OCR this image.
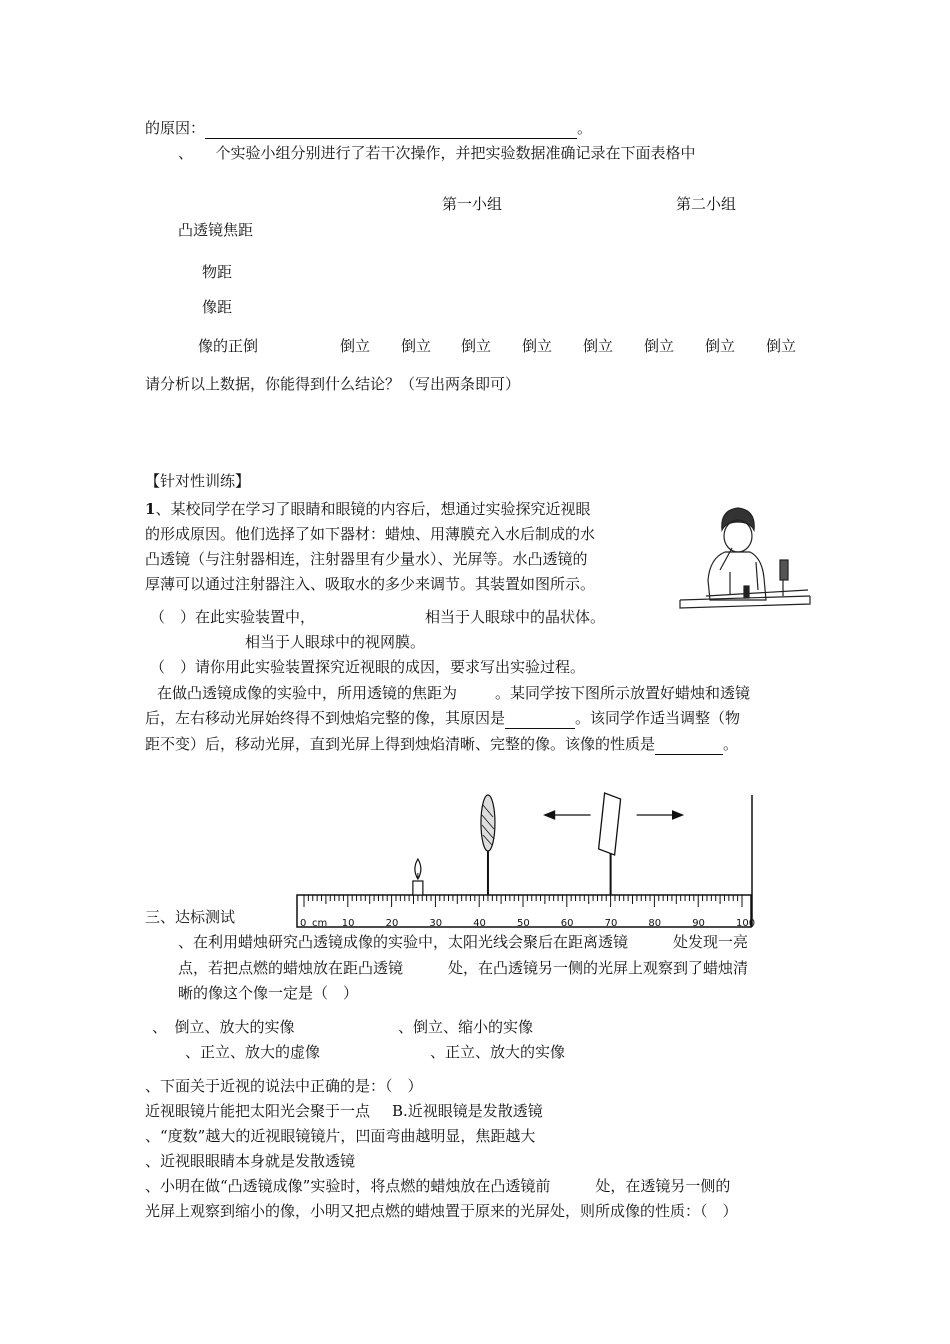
的原因：	。
、　　个实验小组分别进行了若干次操作，并把实验数据准确记录在下面表格中
第一小组	第二小组
凸透镜焦距
物距
像距
像的正倒	倒立 倒立 倒立 倒立 倒立 倒立 倒立 倒立
请分析以上数据，你能得到什么结论？（写出两条即可）
【针对性训练】
1、某校同学在学习了眼睛和眼镜的内容后，想通过实验探究近视眼
的形成原因。他们选择了如下器材：蜡烛、用薄膜充入水后制成的水
凸透镜（与注射器相连，注射器里有少量水）、光屏等。水凸透镜的
厚薄可以通过注射器注入、吸取水的多少来调节。其装置如图所示。
（　）在此实验装置中，	相当于人眼球中的晶状体。
相当于人眼球中的视网膜。
（　）请你用此实验装置探究近视眼的成因，要求写出实验过程。
在做凸透镜成像的实验中，所用透镜的焦距为	。某同学按下图所示放置好蜡烛和透镜
后，左右移动光屏始终得不到烛焰完整的像，其原因是	。该同学作适当调整（物
距不变）后，移动光屏，直到光屏上得到烛焰清晰、完整的像。该像的性质是	。
0	10	20	30	40	50	60	70	80	90	100
cm
三、达标测试
、在利用蜡烛研究凸透镜成像的实验中，太阳光线会聚后在距离透镜　　　处发现一亮
点，若把点燃的蜡烛放在距凸透镜　　　处，在凸透镜另一侧的光屏上观察到了蜡烛清
晰的像这个像一定是（　）
、　倒立、放大的实像	、倒立、缩小的实像
、正立、放大的虚像	、正立、放大的实像
、下面关于近视的说法中正确的是：（　）
近视眼镜片能把太阳光会聚于一点 B.近视眼镜是发散透镜
、“度数”越大的近视眼镜镜片，凹面弯曲越明显，焦距越大
、近视眼眼睛本身就是发散透镜
、小明在做“凸透镜成像”实验时，将点燃的蜡烛放在凸透镜前　　　处，在透镜另一侧的
光屏上观察到缩小的像，小明又把点燃的蜡烛置于原来的光屏处，则所成像的性质：（　）
